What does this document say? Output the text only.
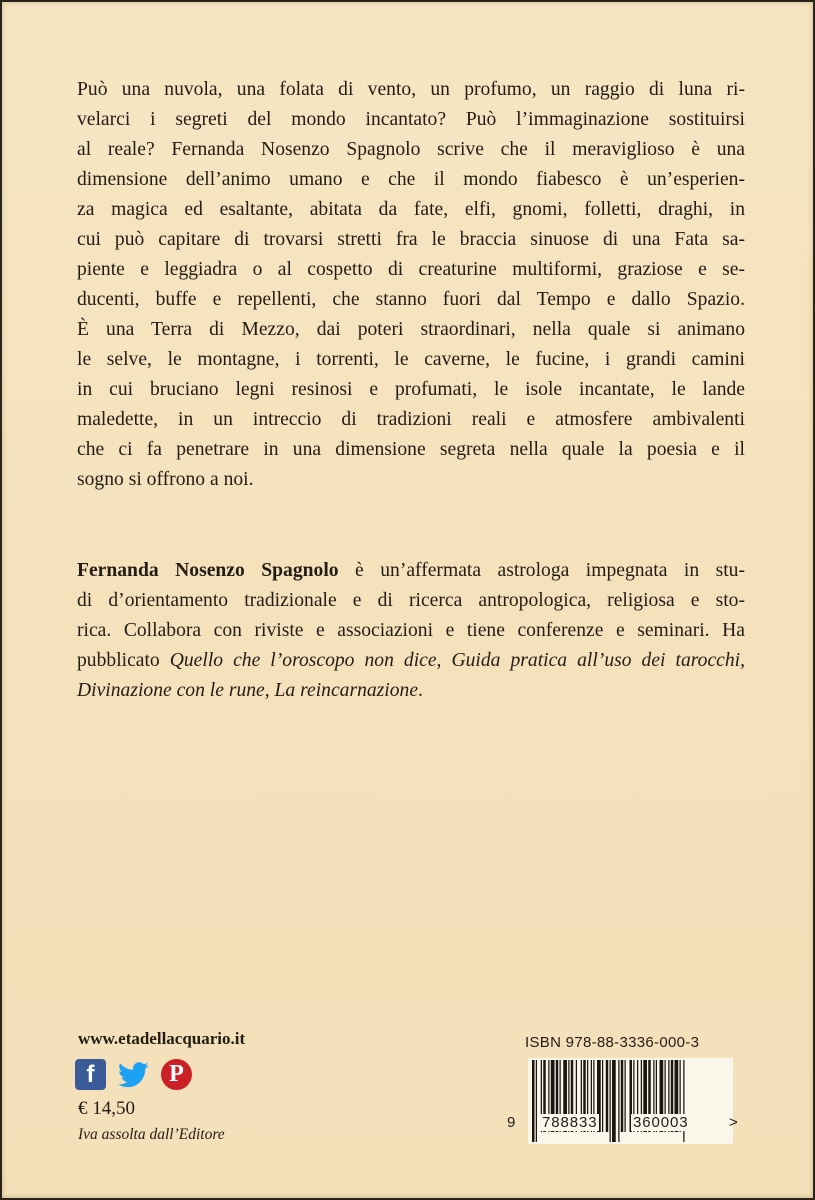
Può una nuvola, una folata di vento, un profumo, un raggio di luna ri-
velarci i segreti del mondo incantato? Può l’immaginazione sostituirsi
al reale? Fernanda Nosenzo Spagnolo scrive che il meraviglioso è una
dimensione dell’animo umano e che il mondo fiabesco è un’esperien-
za magica ed esaltante, abitata da fate, elfi, gnomi, folletti, draghi, in
cui può capitare di trovarsi stretti fra le braccia sinuose di una Fata sa-
piente e leggiadra o al cospetto di creaturine multiformi, graziose e se-
ducenti, buffe e repellenti, che stanno fuori dal Tempo e dallo Spazio.
È una Terra di Mezzo, dai poteri straordinari, nella quale si animano
le selve, le montagne, i torrenti, le caverne, le fucine, i grandi camini
in cui bruciano legni resinosi e profumati, le isole incantate, le lande
maledette, in un intreccio di tradizioni reali e atmosfere ambivalenti
che ci fa penetrare in una dimensione segreta nella quale la poesia e il
sogno si offrono a noi.

Fernanda Nosenzo Spagnolo è un’affermata astrologa impegnata in stu-
di d’orientamento tradizionale e di ricerca antropologica, religiosa e sto-
rica. Collabora con riviste e associazioni e tiene conferenze e seminari. Ha
pubblicato Quello che l’oroscopo non dice, Guida pratica all’uso dei tarocchi,
Divinazione con le rune, La reincarnazione.

www.etadellacquario.it
f	P
€ 14,50
Iva assolta dall’Editore
ISBN 978-88-3336-000-3
9 788833 360003	>
